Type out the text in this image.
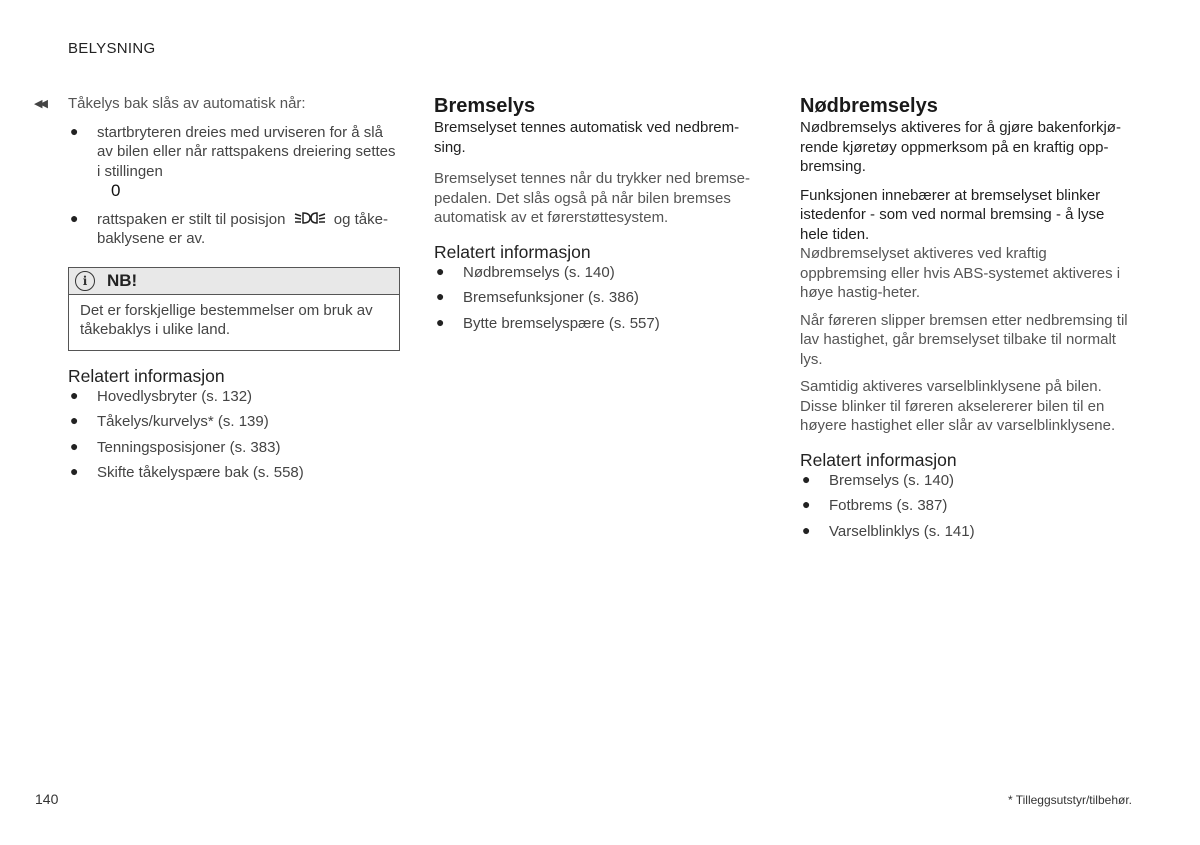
BELYSNING
◀◀ Tåkelys bak slås av automatisk når:

● startbryteren dreies med urviseren for å slå av bilen eller når rattspakens dreiering settes i stillingen0
● rattspaken er stilt til posisjon	og tåke-baklysene er av.
i	NB!
Det er forskjellige bestemmelser om bruk av tåkebaklys i ulike land.
Relatert informasjon
● Hovedlysbryter (s. 132)
● Tåkelys/kurvelys* (s. 139)
● Tenningsposisjoner (s. 383)
● Skifte tåkelyspære bak (s. 558)
Bremselys

Bremselyset tennes automatisk ved nedbrem-sing.

Bremselyset tennes når du trykker ned bremse-pedalen. Det slås også på når bilen bremses automatisk av et førerstøttesystem.

Relatert informasjon
● Nødbremselys (s. 140)
● Bremsefunksjoner (s. 386)
● Bytte bremselyspære (s. 557)
Nødbremselys

Nødbremselys aktiveres for å gjøre bakenforkjø-rende kjøretøy oppmerksom på en kraftig opp-bremsing.

Funksjonen innebærer at bremselyset blinker istedenfor - som ved normal bremsing - å lyse hele tiden.

Nødbremselyset aktiveres ved kraftig oppbremsing eller hvis ABS-systemet aktiveres i høye hastig-heter.

Når føreren slipper bremsen etter nedbremsing til lav hastighet, går bremselyset tilbake til normalt lys.

Samtidig aktiveres varselblinklysene på bilen. Disse blinker til føreren akselererer bilen til en høyere hastighet eller slår av varselblinklysene.

Relatert informasjon
● Bremselys (s. 140)
● Fotbrems (s. 387)
● Varselblinklys (s. 141)
140	* Tilleggsutstyr/tilbehør.
